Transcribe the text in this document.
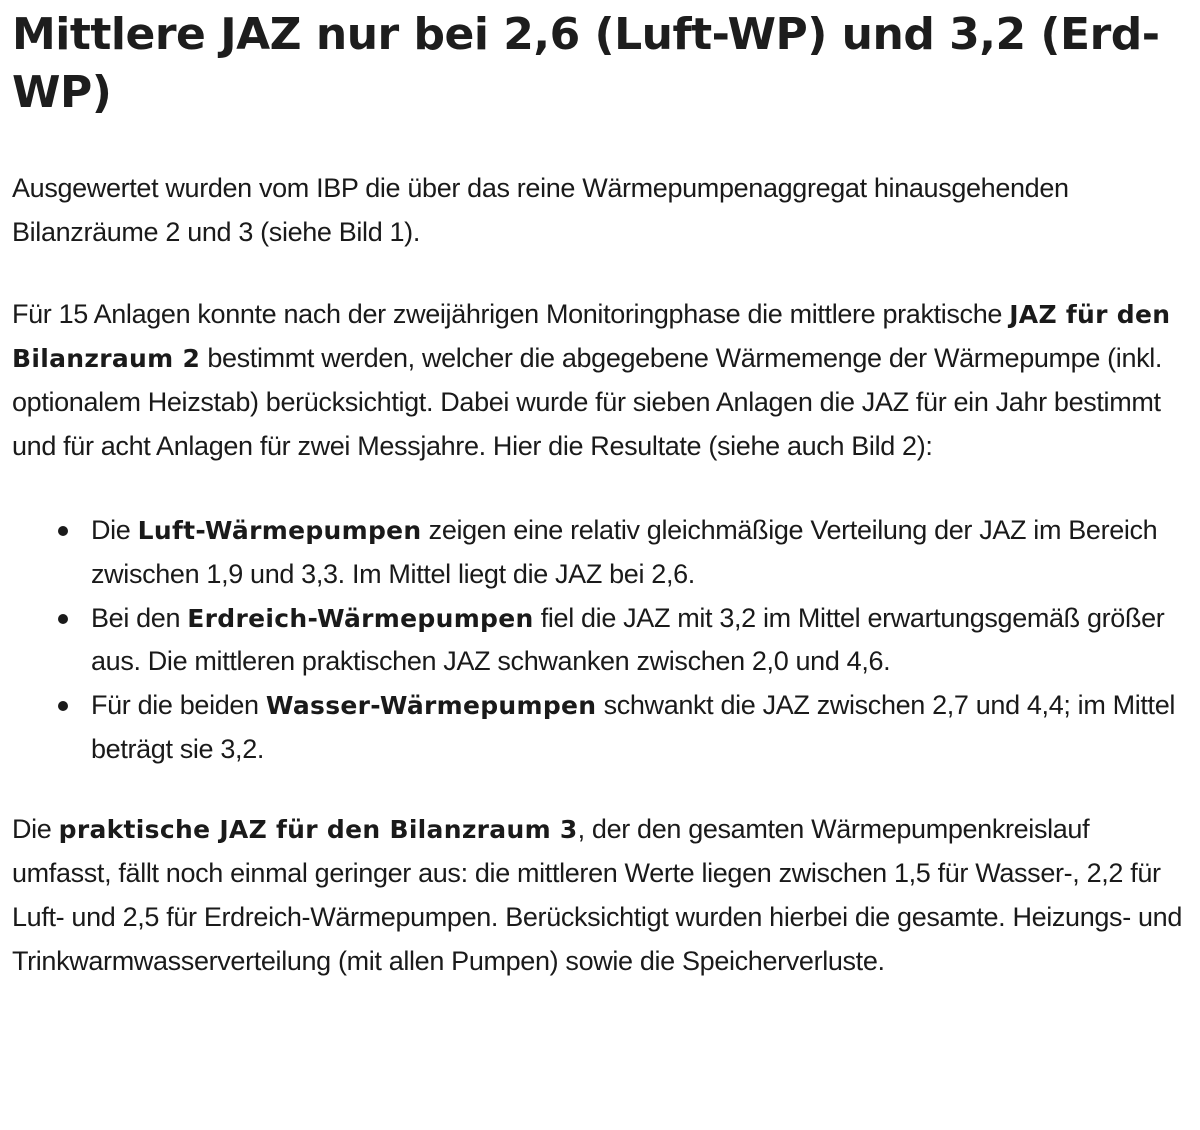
Mittlere JAZ nur bei 2,6 (Luft-WP) und 3,2 (Erd-WP)

Ausgewertet wurden vom IBP die über das reine Wärmepumpenaggregat hinausgehenden Bilanzräume 2 und 3 (siehe Bild 1).

Für 15 Anlagen konnte nach der zweijährigen Monitoringphase die mittlere praktische JAZ für den Bilanzraum 2 bestimmt werden, welcher die abgegebene Wärmemenge der Wärmepumpe (inkl. optionalem Heizstab) berücksichtigt. Dabei wurde für sieben Anlagen die JAZ für ein Jahr bestimmt und für acht Anlagen für zwei Messjahre. Hier die Resultate (siehe auch Bild 2):

Die Luft-Wärmepumpen zeigen eine relativ gleichmäßige Verteilung der JAZ im Bereich zwischen 1,9 und 3,3. Im Mittel liegt die JAZ bei 2,6.
Bei den Erdreich-Wärmepumpen fiel die JAZ mit 3,2 im Mittel erwartungsgemäß größer aus. Die mittleren praktischen JAZ schwanken zwischen 2,0 und 4,6.
Für die beiden Wasser-Wärmepumpen schwankt die JAZ zwischen 2,7 und 4,4; im Mittel beträgt sie 3,2.

Die praktische JAZ für den Bilanzraum 3, der den gesamten Wärmepumpenkreislauf umfasst, fällt noch einmal geringer aus: die mittleren Werte liegen zwischen 1,5 für Wasser-, 2,2 für Luft- und 2,5 für Erdreich-Wärmepumpen. Berücksichtigt wurden hierbei die gesamte. Heizungs- und Trinkwarmwasserverteilung (mit allen Pumpen) sowie die Speicherverluste.
